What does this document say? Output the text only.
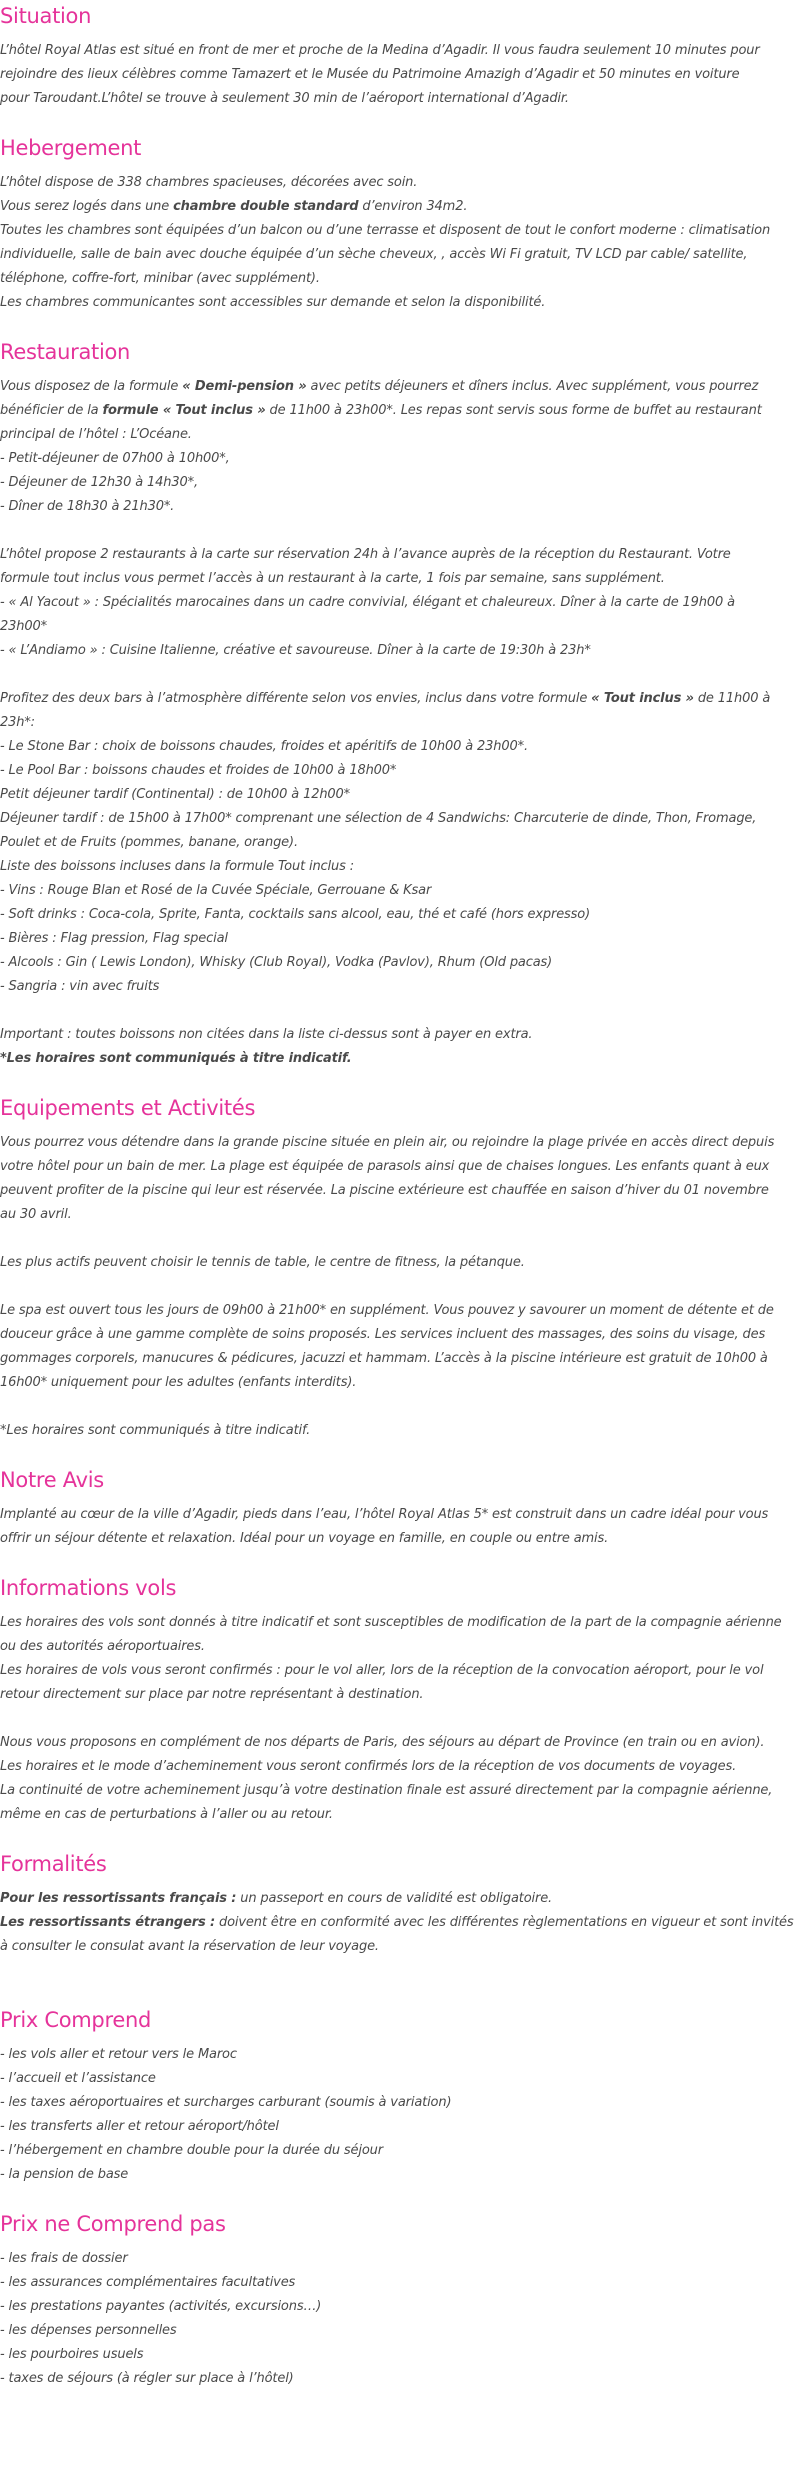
Situation

L’hôtel Royal Atlas est situé en front de mer et proche de la Medina d’Agadir. Il vous faudra seulement 10 minutes pour

rejoindre des lieux célèbres comme Tamazert et le Musée du Patrimoine Amazigh d’Agadir et 50 minutes en voiture

pour Taroudant.L’hôtel se trouve à seulement 30 min de l’aéroport international d’Agadir.

Hebergement

L’hôtel dispose de 338 chambres spacieuses, décorées avec soin.

Vous serez logés dans une chambre double standard d’environ 34m2.

Toutes les chambres sont équipées d’un balcon ou d’une terrasse et disposent de tout le confort moderne : climatisation

individuelle, salle de bain avec douche équipée d’un sèche cheveux, , accès Wi Fi gratuit, TV LCD par cable/ satellite,

téléphone, coffre-fort, minibar (avec supplément).

Les chambres communicantes sont accessibles sur demande et selon la disponibilité.

Restauration

Vous disposez de la formule « Demi-pension » avec petits déjeuners et dîners inclus. Avec supplément, vous pourrez

bénéficier de la formule « Tout inclus » de 11h00 à 23h00*. Les repas sont servis sous forme de buffet au restaurant

principal de l’hôtel : L’Océane.

- Petit-déjeuner de 07h00 à 10h00*,

- Déjeuner de 12h30 à 14h30*,

- Dîner de 18h30 à 21h30*.

L’hôtel propose 2 restaurants à la carte sur réservation 24h à l’avance auprès de la réception du Restaurant. Votre

formule tout inclus vous permet l’accès à un restaurant à la carte, 1 fois par semaine, sans supplément.

- « Al Yacout » : Spécialités marocaines dans un cadre convivial, élégant et chaleureux. Dîner à la carte de 19h00 à

23h00*

- « L’Andiamo » : Cuisine Italienne, créative et savoureuse. Dîner à la carte de 19:30h à 23h*

Profitez des deux bars à l’atmosphère différente selon vos envies, inclus dans votre formule « Tout inclus » de 11h00 à

23h*:

- Le Stone Bar : choix de boissons chaudes, froides et apéritifs de 10h00 à 23h00*.

- Le Pool Bar : boissons chaudes et froides de 10h00 à 18h00*

Petit déjeuner tardif (Continental) : de 10h00 à 12h00*

Déjeuner tardif : de 15h00 à 17h00* comprenant une sélection de 4 Sandwichs: Charcuterie de dinde, Thon, Fromage,

Poulet et de Fruits (pommes, banane, orange).

Liste des boissons incluses dans la formule Tout inclus :

- Vins : Rouge Blan et Rosé de la Cuvée Spéciale, Gerrouane & Ksar

- Soft drinks : Coca-cola, Sprite, Fanta, cocktails sans alcool, eau, thé et café (hors expresso)

- Bières : Flag pression, Flag special

- Alcools : Gin ( Lewis London), Whisky (Club Royal), Vodka (Pavlov), Rhum (Old pacas)

- Sangria : vin avec fruits

Important : toutes boissons non citées dans la liste ci-dessus sont à payer en extra.

*Les horaires sont communiqués à titre indicatif.

Equipements et Activités

Vous pourrez vous détendre dans la grande piscine située en plein air, ou rejoindre la plage privée en accès direct depuis

votre hôtel pour un bain de mer. La plage est équipée de parasols ainsi que de chaises longues. Les enfants quant à eux

peuvent profiter de la piscine qui leur est réservée. La piscine extérieure est chauffée en saison d’hiver du 01 novembre

au 30 avril.

Les plus actifs peuvent choisir le tennis de table, le centre de fitness, la pétanque.

Le spa est ouvert tous les jours de 09h00 à 21h00* en supplément. Vous pouvez y savourer un moment de détente et de

douceur grâce à une gamme complète de soins proposés. Les services incluent des massages, des soins du visage, des

gommages corporels, manucures & pédicures, jacuzzi et hammam. L’accès à la piscine intérieure est gratuit de 10h00 à

16h00* uniquement pour les adultes (enfants interdits).

*Les horaires sont communiqués à titre indicatif.

Notre Avis

Implanté au cœur de la ville d’Agadir, pieds dans l’eau, l’hôtel Royal Atlas 5* est construit dans un cadre idéal pour vous

offrir un séjour détente et relaxation. Idéal pour un voyage en famille, en couple ou entre amis.

Informations vols

Les horaires des vols sont donnés à titre indicatif et sont susceptibles de modification de la part de la compagnie aérienne

ou des autorités aéroportuaires.

Les horaires de vols vous seront confirmés : pour le vol aller, lors de la réception de la convocation aéroport, pour le vol

retour directement sur place par notre représentant à destination.

Nous vous proposons en complément de nos départs de Paris, des séjours au départ de Province (en train ou en avion).

Les horaires et le mode d’acheminement vous seront confirmés lors de la réception de vos documents de voyages.

La continuité de votre acheminement jusqu’à votre destination finale est assuré directement par la compagnie aérienne,

même en cas de perturbations à l’aller ou au retour.

Formalités

Pour les ressortissants français : un passeport en cours de validité est obligatoire.

Les ressortissants étrangers : doivent être en conformité avec les différentes règlementations en vigueur et sont invités

à consulter le consulat avant la réservation de leur voyage.

Prix Comprend

- les vols aller et retour vers le Maroc

- l’accueil et l’assistance

- les taxes aéroportuaires et surcharges carburant (soumis à variation)

- les transferts aller et retour aéroport/hôtel

- l’hébergement en chambre double pour la durée du séjour

- la pension de base

Prix ne Comprend pas

- les frais de dossier

- les assurances complémentaires facultatives

- les prestations payantes (activités, excursions…)

- les dépenses personnelles

- les pourboires usuels

- taxes de séjours (à régler sur place à l’hôtel)
